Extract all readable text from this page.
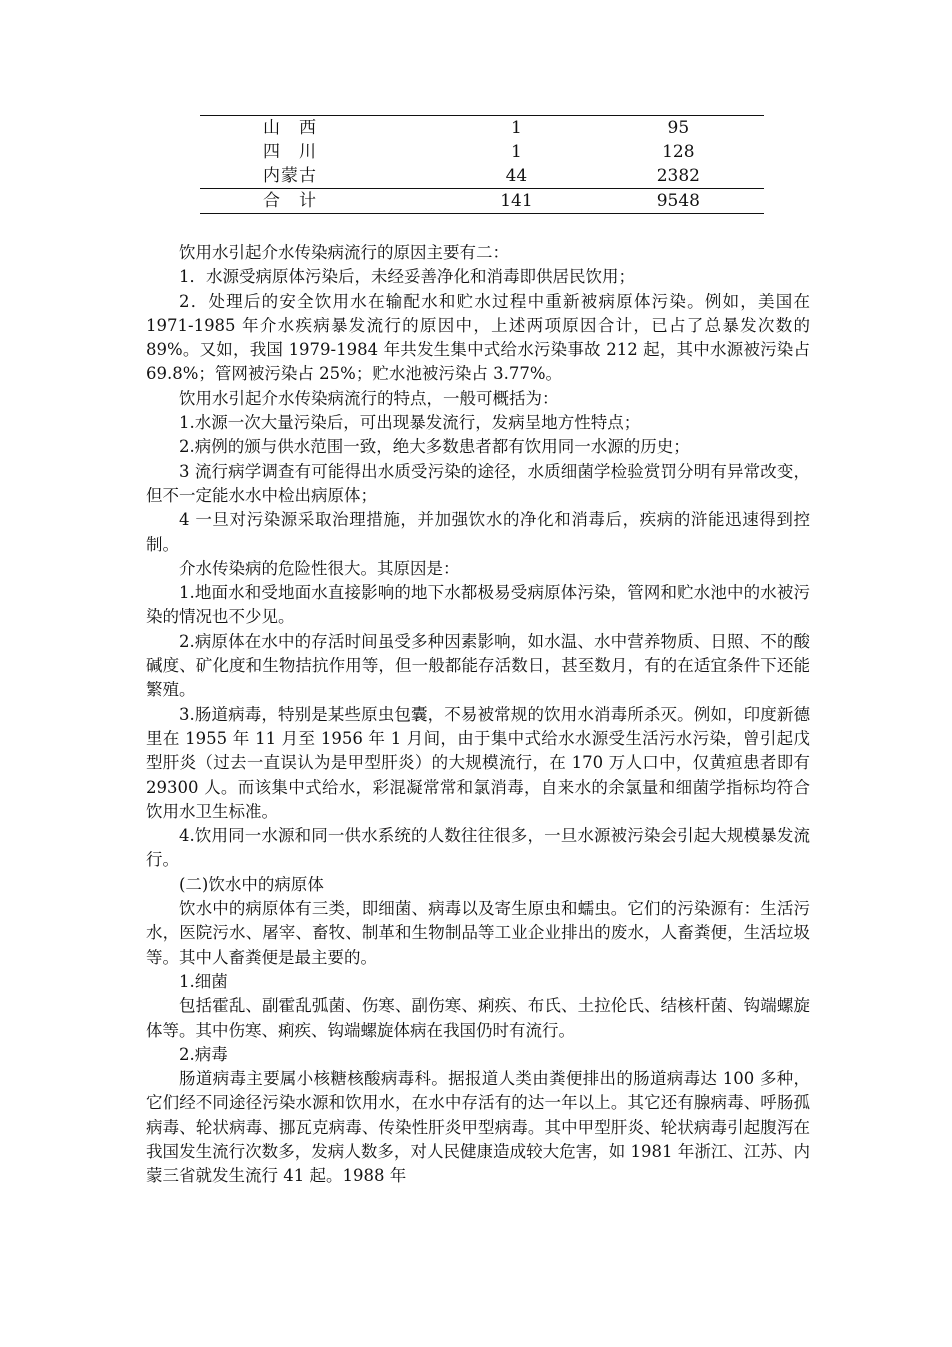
山　西	1	95
四　川	1	128
内蒙古	44	2382
合　计	141	9548

饮用水引起介水传染病流行的原因主要有二：

1．水源受病原体污染后，未经妥善净化和消毒即供居民饮用；

2．处理后的安全饮用水在输配水和贮水过程中重新被病原体污染。例如，美国在 1971-1985 年介水疾病暴发流行的原因中，上述两项原因合计，已占了总暴发次数的 89%。又如，我国 1979-1984 年共发生集中式给水污染事故 212 起，其中水源被污染占 69.8%；管网被污染占 25%；贮水池被污染占 3.77%。

饮用水引起介水传染病流行的特点，一般可概括为：

1.水源一次大量污染后，可出现暴发流行，发病呈地方性特点；

2.病例的颁与供水范围一致，绝大多数患者都有饮用同一水源的历史；

3 流行病学调查有可能得出水质受污染的途径，水质细菌学检验赏罚分明有异常改变，但不一定能水水中检出病原体；

4 一旦对污染源采取治理措施，并加强饮水的净化和消毒后，疾病的浒能迅速得到控制。

介水传染病的危险性很大。其原因是：

1.地面水和受地面水直接影响的地下水都极易受病原体污染，管网和贮水池中的水被污染的情况也不少见。

2.病原体在水中的存活时间虽受多种因素影响，如水温、水中营养物质、日照、不的酸碱度、矿化度和生物拮抗作用等，但一般都能存活数日，甚至数月，有的在适宜条件下还能繁殖。

3.肠道病毒，特别是某些原虫包囊，不易被常规的饮用水消毒所杀灭。例如，印度新德里在 1955 年 11 月至 1956 年 1 月间，由于集中式给水水源受生活污水污染，曾引起戊型肝炎（过去一直误认为是甲型肝炎）的大规模流行，在 170 万人口中，仅黄疸患者即有 29300 人。而该集中式给水，彩混凝常常和氯消毒，自来水的余氯量和细菌学指标均符合饮用水卫生标准。

4.饮用同一水源和同一供水系统的人数往往很多，一旦水源被污染会引起大规模暴发流行。

(二)饮水中的病原体

饮水中的病原体有三类，即细菌、病毒以及寄生原虫和蠕虫。它们的污染源有：生活污水，医院污水、屠宰、畜牧、制革和生物制品等工业企业排出的废水，人畜粪便，生活垃圾等。其中人畜粪便是最主要的。

1.细菌

包括霍乱、副霍乱弧菌、伤寒、副伤寒、痢疾、布氏、土拉伦氏、结核杆菌、钩端螺旋体等。其中伤寒、痢疾、钩端螺旋体病在我国仍时有流行。

2.病毒

肠道病毒主要属小核糖核酸病毒科。据报道人类由粪便排出的肠道病毒达 100 多种，它们经不同途径污染水源和饮用水，在水中存活有的达一年以上。其它还有腺病毒、呼肠孤病毒、轮状病毒、挪瓦克病毒、传染性肝炎甲型病毒。其中甲型肝炎、轮状病毒引起腹泻在我国发生流行次数多，发病人数多，对人民健康造成较大危害，如 1981 年浙江、江苏、内蒙三省就发生流行 41 起。1988 年
